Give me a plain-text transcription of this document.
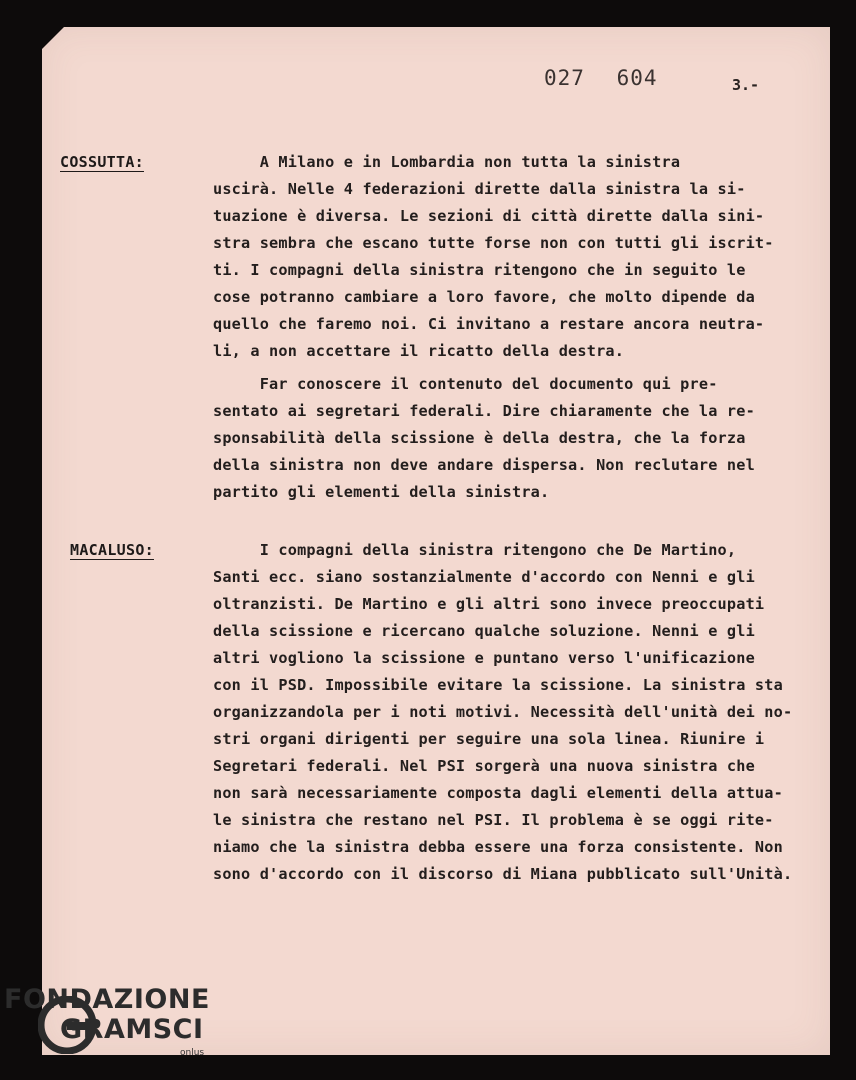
027 604	3.-
COSSUTTA:	A Milano e in Lombardia non tutta la sinistra
uscirà. Nelle 4 federazioni dirette dalla sinistra la si-
tuazione è diversa. Le sezioni di città dirette dalla sini-
stra sembra che escano tutte forse non con tutti gli iscrit-
ti. I compagni della sinistra ritengono che in seguito le
cose potranno cambiare a loro favore, che molto dipende da
quello che faremo noi. Ci invitano a restare ancora neutra-
li, a non accettare il ricatto della destra.
Far conoscere il contenuto del documento qui pre-
sentato ai segretari federali. Dire chiaramente che la re-
sponsabilità della scissione è della destra, che la forza
della sinistra non deve andare dispersa. Non reclutare nel
partito gli elementi della sinistra.
MACALUSO:	I compagni della sinistra ritengono che De Martino,
Santi ecc. siano sostanzialmente d'accordo con Nenni e gli
oltranzisti. De Martino e gli altri sono invece preoccupati
della scissione e ricercano qualche soluzione. Nenni e gli
altri vogliono la scissione e puntano verso l'unificazione
con il PSD. Impossibile evitare la scissione. La sinistra sta
organizzandola per i noti motivi. Necessità dell'unità dei no-
stri organi dirigenti per seguire una sola linea. Riunire i
Segretari federali. Nel PSI sorgerà una nuova sinistra che
non sarà necessariamente composta dagli elementi della attua-
le sinistra che restano nel PSI. Il problema è se oggi rite-
niamo che la sinistra debba essere una forza consistente. Non
sono d'accordo con il discorso di Miana pubblicato sull'Unità.
FONDAZIONE
GRAMSCI
onlus
